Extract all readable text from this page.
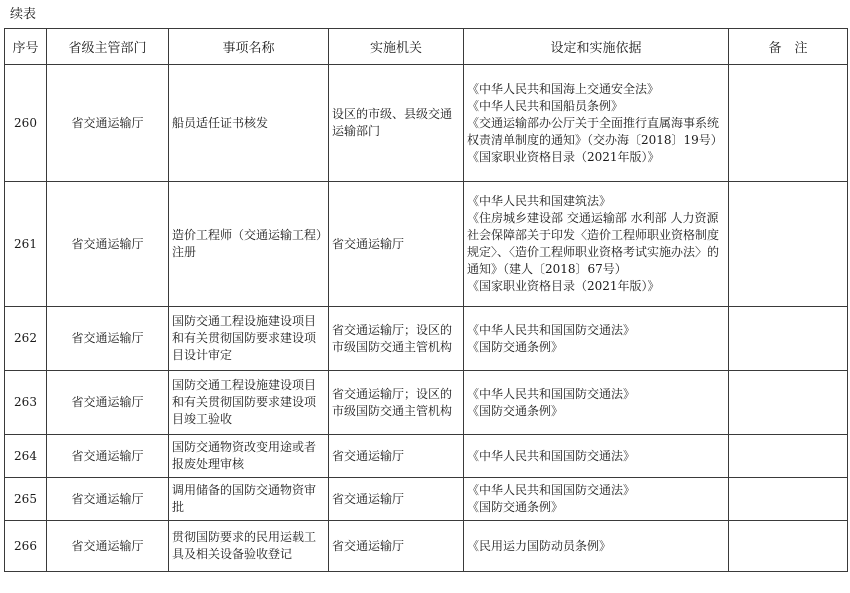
续表
序号	省级主管部门	事项名称	实施机关	设定和实施依据	备　注
260	省交通运输厅	船员适任证书核发	设区的市级、县级交通运输部门	《中华人民共和国海上交通安全法》
《中华人民共和国船员条例》
《交通运输部办公厅关于全面推行直属海事系统权责清单制度的通知》（交办海〔2018〕19号）
《国家职业资格目录（2021年版）》	

261	省交通运输厅	造价工程师（交通运输工程）注册	省交通运输厅	《中华人民共和国建筑法》
《住房城乡建设部 交通运输部 水利部 人力资源社会保障部关于印发〈造价工程师职业资格制度规定〉、〈造价工程师职业资格考试实施办法〉的通知》（建人〔2018〕67号）
《国家职业资格目录（2021年版）》	

262	省交通运输厅	国防交通工程设施建设项目和有关贯彻国防要求建设项目设计审定	省交通运输厅；设区的市级国防交通主管机构	《中华人民共和国国防交通法》
《国防交通条例》	

263	省交通运输厅	国防交通工程设施建设项目和有关贯彻国防要求建设项目竣工验收	省交通运输厅；设区的市级国防交通主管机构	《中华人民共和国国防交通法》
《国防交通条例》	

264	省交通运输厅	国防交通物资改变用途或者报废处理审核	省交通运输厅	《中华人民共和国国防交通法》	

265	省交通运输厅	调用储备的国防交通物资审批	省交通运输厅	《中华人民共和国国防交通法》
《国防交通条例》	

266	省交通运输厅	贯彻国防要求的民用运载工具及相关设备验收登记	省交通运输厅	《民用运力国防动员条例》	
